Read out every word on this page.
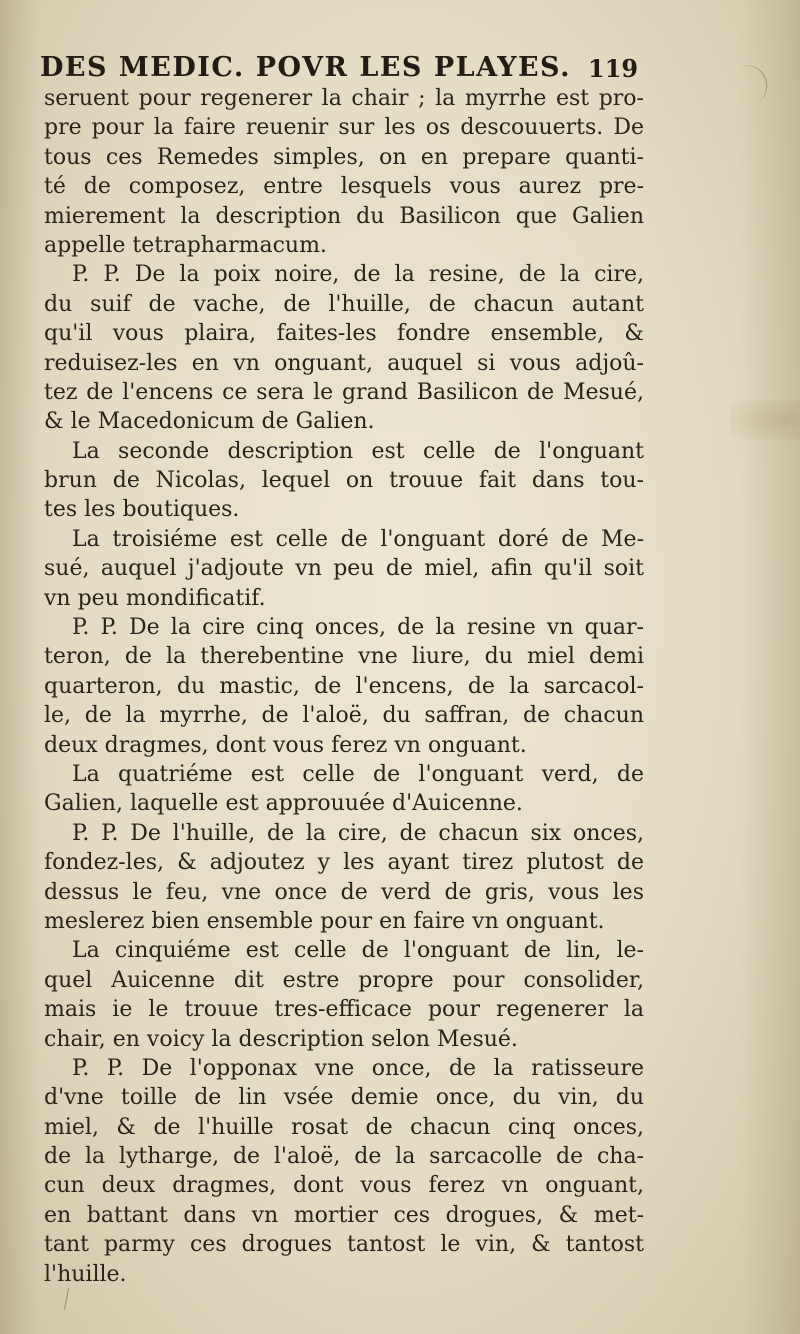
DES MEDIC. POVR LES PLAYES. 119
seruent pour regenerer la chair ; la myrrhe est pro-
pre pour la faire reuenir sur les os descouuerts. De
tous ces Remedes simples, on en prepare quanti-
té de composez, entre lesquels vous aurez pre-
mierement la description du Basilicon que Galien
appelle tetrapharmacum.
P. P. De la poix noire, de la resine, de la cire,
du suif de vache, de l'huille, de chacun autant
qu'il vous plaira, faites-les fondre ensemble, &
reduisez-les en vn onguant, auquel si vous adjoû-
tez de l'encens ce sera le grand Basilicon de Mesué,
& le Macedonicum de Galien.
La seconde description est celle de l'onguant
brun de Nicolas, lequel on trouue fait dans tou-
tes les boutiques.
La troisiéme est celle de l'onguant doré de Me-
sué, auquel j'adjoute vn peu de miel, afin qu'il soit
vn peu mondificatif.
P. P. De la cire cinq onces, de la resine vn quar-
teron, de la therebentine vne liure, du miel demi
quarteron, du mastic, de l'encens, de la sarcacol-
le, de la myrrhe, de l'aloë, du saffran, de chacun
deux dragmes, dont vous ferez vn onguant.
La quatriéme est celle de l'onguant verd, de
Galien, laquelle est approuuée d'Auicenne.
P. P. De l'huille, de la cire, de chacun six onces,
fondez-les, & adjoutez y les ayant tirez plutost de
dessus le feu, vne once de verd de gris, vous les
meslerez bien ensemble pour en faire vn onguant.
La cinquiéme est celle de l'onguant de lin, le-
quel Auicenne dit estre propre pour consolider,
mais ie le trouue tres-efficace pour regenerer la
chair, en voicy la description selon Mesué.
P. P. De l'opponax vne once, de la ratisseure
d'vne toille de lin vsée demie once, du vin, du
miel, & de l'huille rosat de chacun cinq onces,
de la lytharge, de l'aloë, de la sarcacolle de cha-
cun deux dragmes, dont vous ferez vn onguant,
en battant dans vn mortier ces drogues, & met-
tant parmy ces drogues tantost le vin, & tantost
l'huille.
